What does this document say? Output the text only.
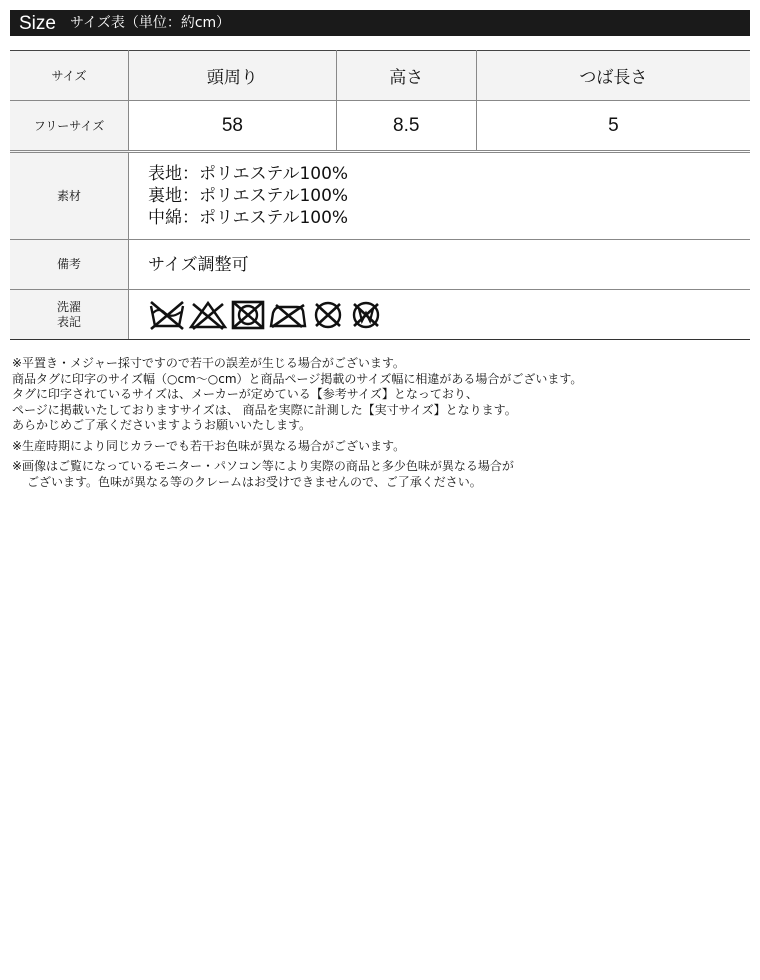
Size サイズ表（単位：約cm）
サイズ	頭周り	高さ	つば長さ
フリーサイズ	58	8.5	5
素材	表地：ポリエステル100%
裏地：ポリエステル100%
中綿：ポリエステル100%

備考	サイズ調整可

洗濯
表記

※平置き・メジャー採寸ですので若干の誤差が生じる場合がございます。
商品タグに印字のサイズ幅（○cm〜○cm）と商品ページ掲載のサイズ幅に相違がある場合がございます。
タグに印字されているサイズは、メーカーが定めている【参考サイズ】となっており、
ページに掲載いたしておりますサイズは、 商品を実際に計測した【実寸サイズ】となります。
あらかじめご了承くださいますようお願いいたします。
※生産時期により同じカラーでも若干お色味が異なる場合がございます。
※画像はご覧になっているモニター・パソコン等により実際の商品と多少色味が異なる場合が
ございます。色味が異なる等のクレームはお受けできませんので、ご了承ください。
